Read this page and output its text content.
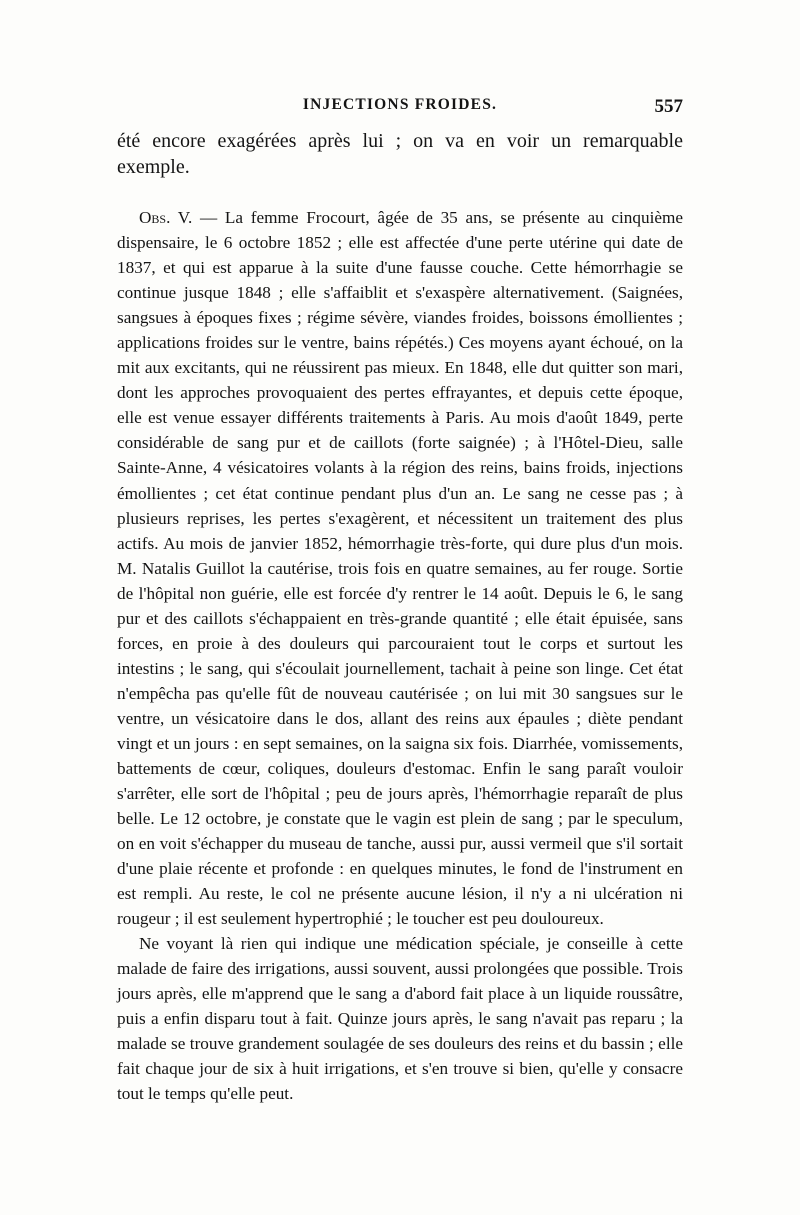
INJECTIONS FROIDES.	557
été encore exagérées après lui ; on va en voir un remarquable exemple.

Obs. V. — La femme Frocourt, âgée de 35 ans, se présente au cinquième dispensaire, le 6 octobre 1852 ; elle est affectée d'une perte utérine qui date de 1837, et qui est apparue à la suite d'une fausse couche. Cette hémorrhagie se continue jusque 1848 ; elle s'affaiblit et s'exaspère alternativement. (Saignées, sangsues à époques fixes ; régime sévère, viandes froides, boissons émollientes ; applications froides sur le ventre, bains répétés.) Ces moyens ayant échoué, on la mit aux excitants, qui ne réussirent pas mieux. En 1848, elle dut quitter son mari, dont les approches provoquaient des pertes effrayantes, et depuis cette époque, elle est venue essayer différents traitements à Paris. Au mois d'août 1849, perte considérable de sang pur et de caillots (forte saignée) ; à l'Hôtel-Dieu, salle Sainte-Anne, 4 vésicatoires volants à la région des reins, bains froids, injections émollientes ; cet état continue pendant plus d'un an. Le sang ne cesse pas ; à plusieurs reprises, les pertes s'exagèrent, et nécessitent un traitement des plus actifs. Au mois de janvier 1852, hémorrhagie très-forte, qui dure plus d'un mois. M. Natalis Guillot la cautérise, trois fois en quatre semaines, au fer rouge. Sortie de l'hôpital non guérie, elle est forcée d'y rentrer le 14 août. Depuis le 6, le sang pur et des caillots s'échappaient en très-grande quantité ; elle était épuisée, sans forces, en proie à des douleurs qui parcouraient tout le corps et surtout les intestins ; le sang, qui s'écoulait journellement, tachait à peine son linge. Cet état n'empêcha pas qu'elle fût de nouveau cautérisée ; on lui mit 30 sangsues sur le ventre, un vésicatoire dans le dos, allant des reins aux épaules ; diète pendant vingt et un jours : en sept semaines, on la saigna six fois. Diarrhée, vomissements, battements de cœur, coliques, douleurs d'estomac. Enfin le sang paraît vouloir s'arrêter, elle sort de l'hôpital ; peu de jours après, l'hémorrhagie reparaît de plus belle. Le 12 octobre, je constate que le vagin est plein de sang ; par le speculum, on en voit s'échapper du museau de tanche, aussi pur, aussi vermeil que s'il sortait d'une plaie récente et profonde : en quelques minutes, le fond de l'instrument en est rempli. Au reste, le col ne présente aucune lésion, il n'y a ni ulcération ni rougeur ; il est seulement hypertrophié ; le toucher est peu douloureux.

Ne voyant là rien qui indique une médication spéciale, je conseille à cette malade de faire des irrigations, aussi souvent, aussi prolongées que possible. Trois jours après, elle m'apprend que le sang a d'abord fait place à un liquide roussâtre, puis a enfin disparu tout à fait. Quinze jours après, le sang n'avait pas reparu ; la malade se trouve grandement soulagée de ses douleurs des reins et du bassin ; elle fait chaque jour de six à huit irrigations, et s'en trouve si bien, qu'elle y consacre tout le temps qu'elle peut.
